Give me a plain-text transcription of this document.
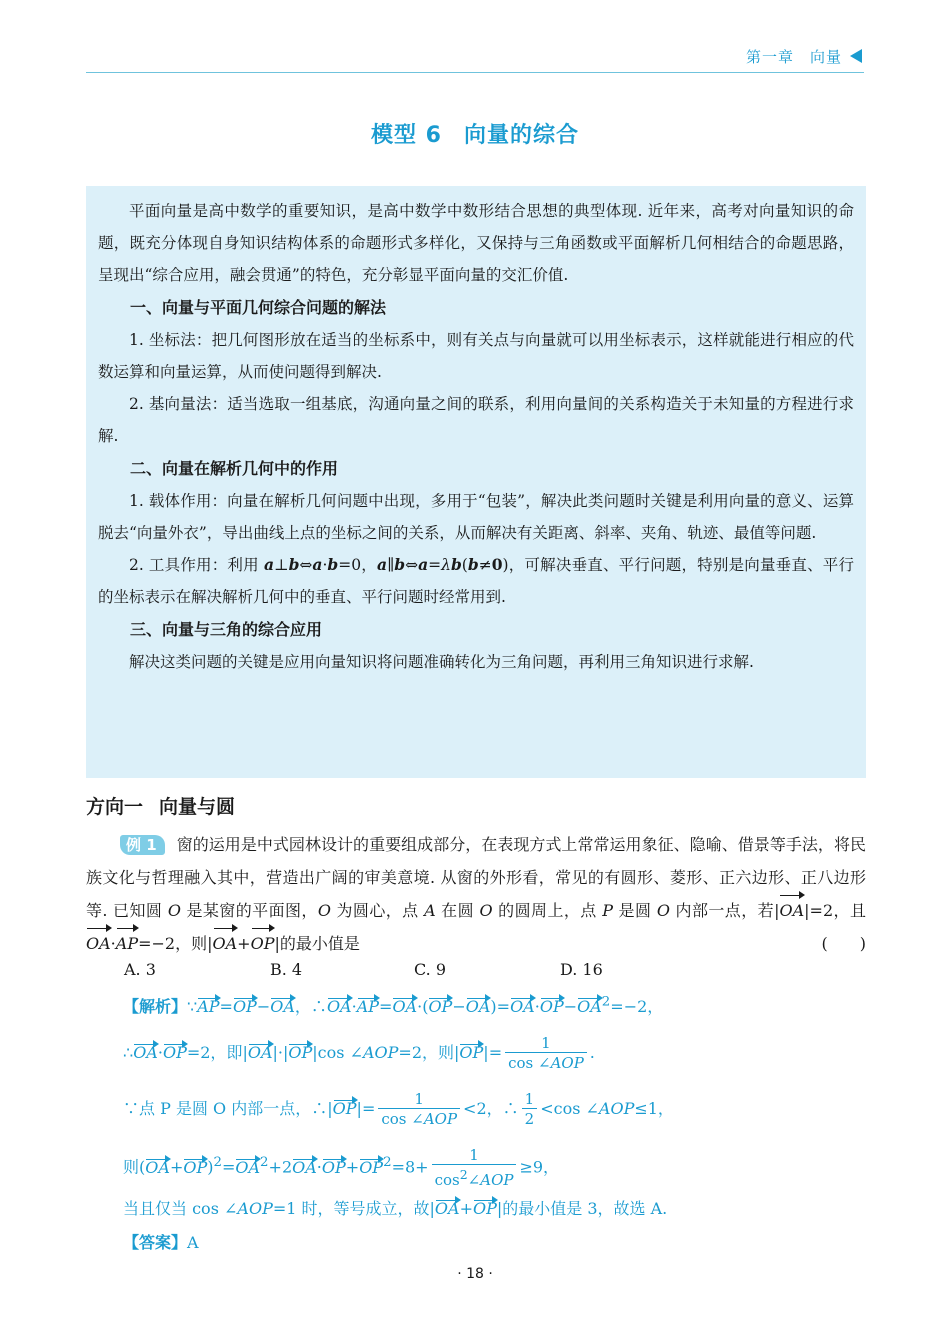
第一章　向量
模型 6 向量的综合

平面向量是高中数学的重要知识，是高中数学中数形结合思想的典型体现. 近年来，高考对向量知识的命题，既充分体现自身知识结构体系的命题形式多样化，又保持与三角函数或平面解析几何相结合的命题思路，呈现出“综合应用，融会贯通”的特色，充分彰显平面向量的交汇价值.

一、向量与平面几何综合问题的解法

1. 坐标法：把几何图形放在适当的坐标系中，则有关点与向量就可以用坐标表示，这样就能进行相应的代数运算和向量运算，从而使问题得到解决.

2. 基向量法：适当选取一组基底，沟通向量之间的联系，利用向量间的关系构造关于未知量的方程进行求解.

二、向量在解析几何中的作用

1. 载体作用：向量在解析几何问题中出现，多用于“包装”，解决此类问题时关键是利用向量的意义、运算脱去“向量外衣”，导出曲线上点的坐标之间的关系，从而解决有关距离、斜率、夹角、轨迹、最值等问题.

2. 工具作用：利用 a⊥b⇔a·b=0，a∥b⇔a=λb(b≠0)，可解决垂直、平行问题，特别是向量垂直、平行的坐标表示在解决解析几何中的垂直、平行问题时经常用到.

三、向量与三角的综合应用

解决这类问题的关键是应用向量知识将问题准确转化为三角问题，再利用三角知识进行求解.

方向一 向量与圆

例 1 窗的运用是中式园林设计的重要组成部分，在表现方式上常常运用象征、隐喻、借景等手法，将民族文化与哲理融入其中，营造出广阔的审美意境. 从窗的外形看，常见的有圆形、菱形、正六边形、正八边形等. 已知圆 O 是某窗的平面图，O 为圆心，点 A 在圆 O 的圆周上，点 P 是圆 O 内部一点，若|OA|=2，且OA·AP=−2，则|OA+OP|的最小值是	(　　)

A. 3	B. 4	C. 9	D. 16
【解析】∵AP=OP−OA，$\therefore OA\cdot AP=OA\cdot(OP-OA)=OA\cdot OP-OA^2=-2$，
∴OA·OP=2，即|OA|·|OP|cos ∠AOP=2，则$|OP|= \frac{1}{\text{cos ∠AOP}}$ .
∵点 P 是圆 O 内部一点，∴|OP|= $\frac{1}{\text{cos ∠AOP}} <2$，∴ $\frac{1}{2} <\cos$ ∠AOP≤1，
则$(OA+OP)^2=OA^2+2OA\cdot OP+OP^2=8+ \frac{1}{\cos^2\angle AOP} \ge 9$，
当且仅当 cos ∠AOP=1 时，等号成立，故|OA+OP|的最小值是 3，故选 A.
【答案】A
· 18 ·
